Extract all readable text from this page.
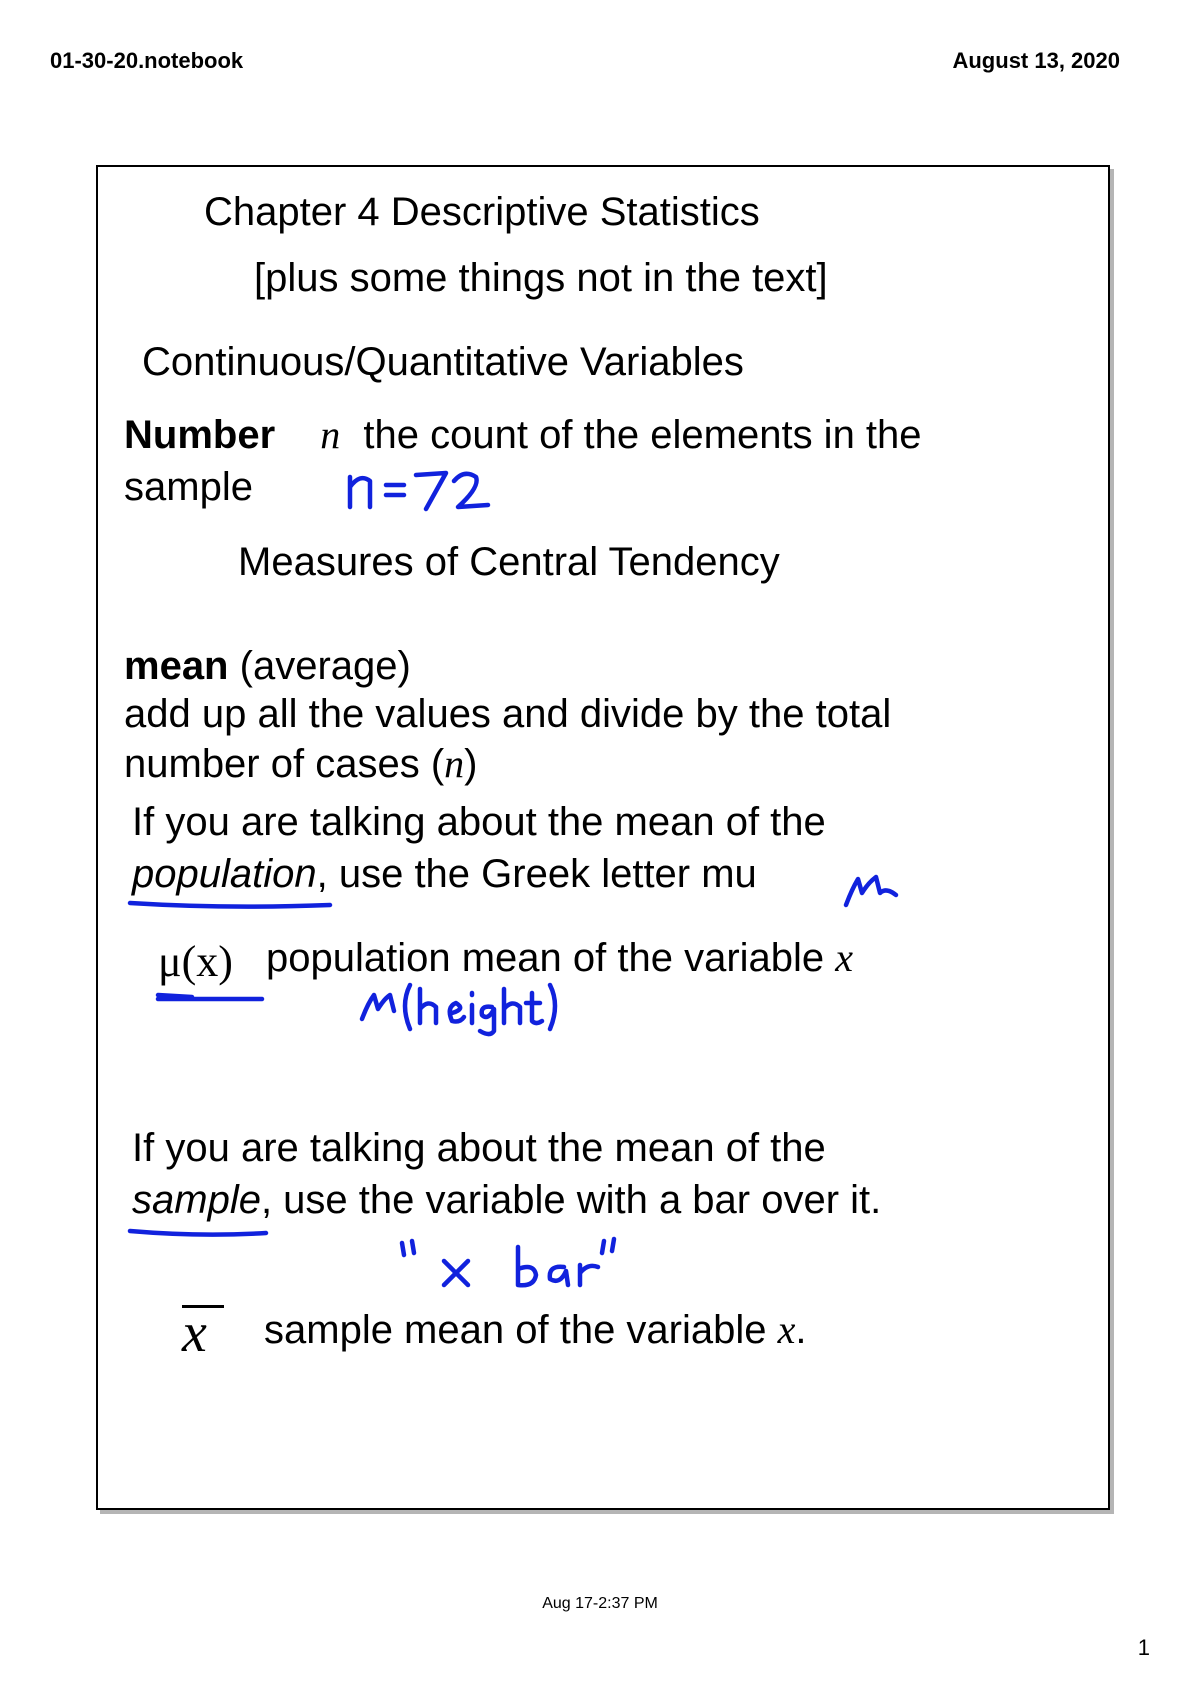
01-30-20.notebook	August 13, 2020
Chapter 4 Descriptive Statistics
[plus some things not in the text]
Continuous/Quantitative Variables
Number n the count of the elements in the
sample
Measures of Central Tendency
mean (average)
add up all the values and divide by the total
number of cases (n)
If you are talking about the mean of the
population, use the Greek letter mu
μ(x) population mean of the variable x
If you are talking about the mean of the
sample, use the variable with a bar over it.
x sample mean of the variable x.
Aug 17-2:37 PM
1
